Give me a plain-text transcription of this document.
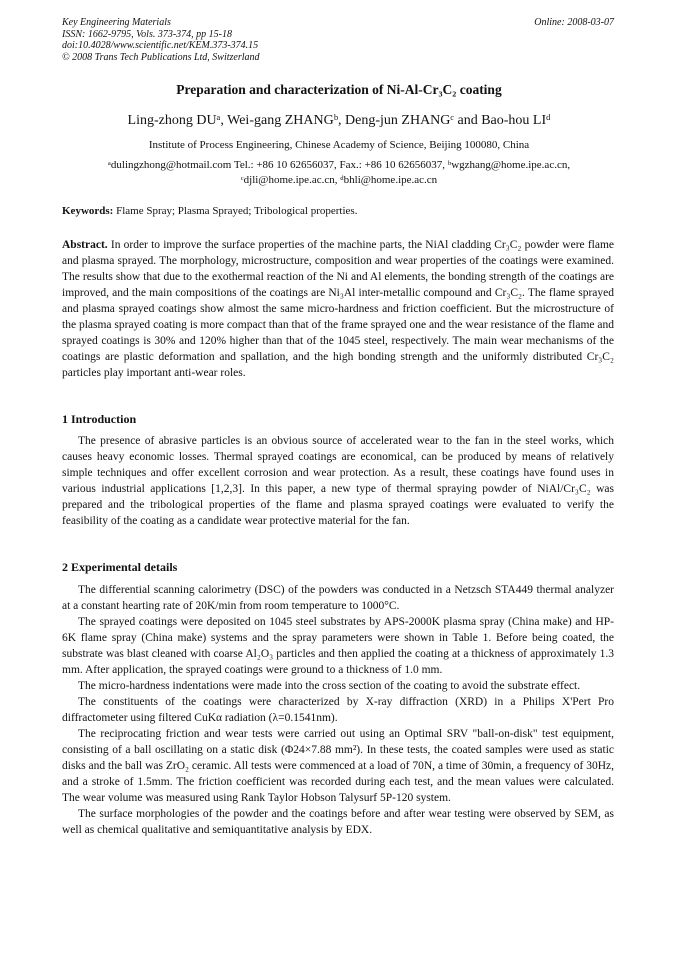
Key Engineering Materials
ISSN: 1662-9795, Vols. 373-374, pp 15-18
doi:10.4028/www.scientific.net/KEM.373-374.15
© 2008 Trans Tech Publications Ltd, Switzerland
Online: 2008-03-07
Preparation and characterization of Ni-Al-Cr₃C₂ coating
Ling-zhong DUᵃ, Wei-gang ZHANGᵇ, Deng-jun ZHANGᶜ and Bao-hou LIᵈ
Institute of Process Engineering, Chinese Academy of Science, Beijing 100080, China
ᵃdulingzhong@hotmail.com Tel.: +86 10 62656037, Fax.: +86 10 62656037, ᵇwgzhang@home.ipe.ac.cn,
ᶜdjli@home.ipe.ac.cn, ᵈbhli@home.ipe.ac.cn
Keywords: Flame Spray; Plasma Sprayed; Tribological properties.
Abstract. In order to improve the surface properties of the machine parts, the NiAl cladding Cr₃C₂ powder were flame and plasma sprayed. The morphology, microstructure, composition and wear properties of the coatings were examined. The results show that due to the exothermal reaction of the Ni and Al elements, the bonding strength of the coatings are improved, and the main compositions of the coatings are Ni₃Al inter-metallic compound and Cr₃C₂. The flame sprayed and plasma sprayed coatings show almost the same micro-hardness and friction coefficient. But the microstructure of the plasma sprayed coating is more compact than that of the frame sprayed one and the wear resistance of the flame and sprayed coatings is 30% and 120% higher than that of the 1045 steel, respectively. The main wear mechanisms of the coatings are plastic deformation and spallation, and the high bonding strength and the uniformly distributed Cr₃C₂ particles play important anti-wear roles.
1 Introduction

The presence of abrasive particles is an obvious source of accelerated wear to the fan in the steel works, which causes heavy economic losses. Thermal sprayed coatings are economical, can be produced by means of relatively simple techniques and offer excellent corrosion and wear protection. As a result, these coatings have found uses in various industrial applications [1,2,3]. In this paper, a new type of thermal spraying powder of NiAl/Cr₃C₂ was prepared and the tribological properties of the flame and plasma sprayed coatings were evaluated to verify the feasibility of the coating as a candidate wear protective material for the fan.

2 Experimental details

The differential scanning calorimetry (DSC) of the powders was conducted in a Netzsch STA449 thermal analyzer at a constant hearting rate of 20K/min from room temperature to 1000°C.

The sprayed coatings were deposited on 1045 steel substrates by APS-2000K plasma spray (China make) and HP-6K flame spray (China make) systems and the spray parameters were shown in Table 1. Before being coated, the substrate was blast cleaned with coarse Al₂O₃ particles and then applied the coating at a thickness of approximately 1.3 mm. After application, the sprayed coatings were ground to a thickness of 1.0 mm.

The micro-hardness indentations were made into the cross section of the coating to avoid the substrate effect.

The constituents of the coatings were characterized by X-ray diffraction (XRD) in a Philips X'Pert Pro diffractometer using filtered CuKα radiation (λ=0.1541nm).

The reciprocating friction and wear tests were carried out using an Optimal SRV "ball-on-disk" test equipment, consisting of a ball oscillating on a static disk (Φ24×7.88 mm²). In these tests, the coated samples were used as static disks and the ball was ZrO₂ ceramic. All tests were commenced at a load of 70N, a time of 30min, a frequency of 30Hz, and a stroke of 1.5mm. The friction coefficient was recorded during each test, and the mean values were calculated. The wear volume was measured using Rank Taylor Hobson Talysurf 5P-120 system.

The surface morphologies of the powder and the coatings before and after wear testing were observed by SEM, as well as chemical qualitative and semiquantitative analysis by EDX.
